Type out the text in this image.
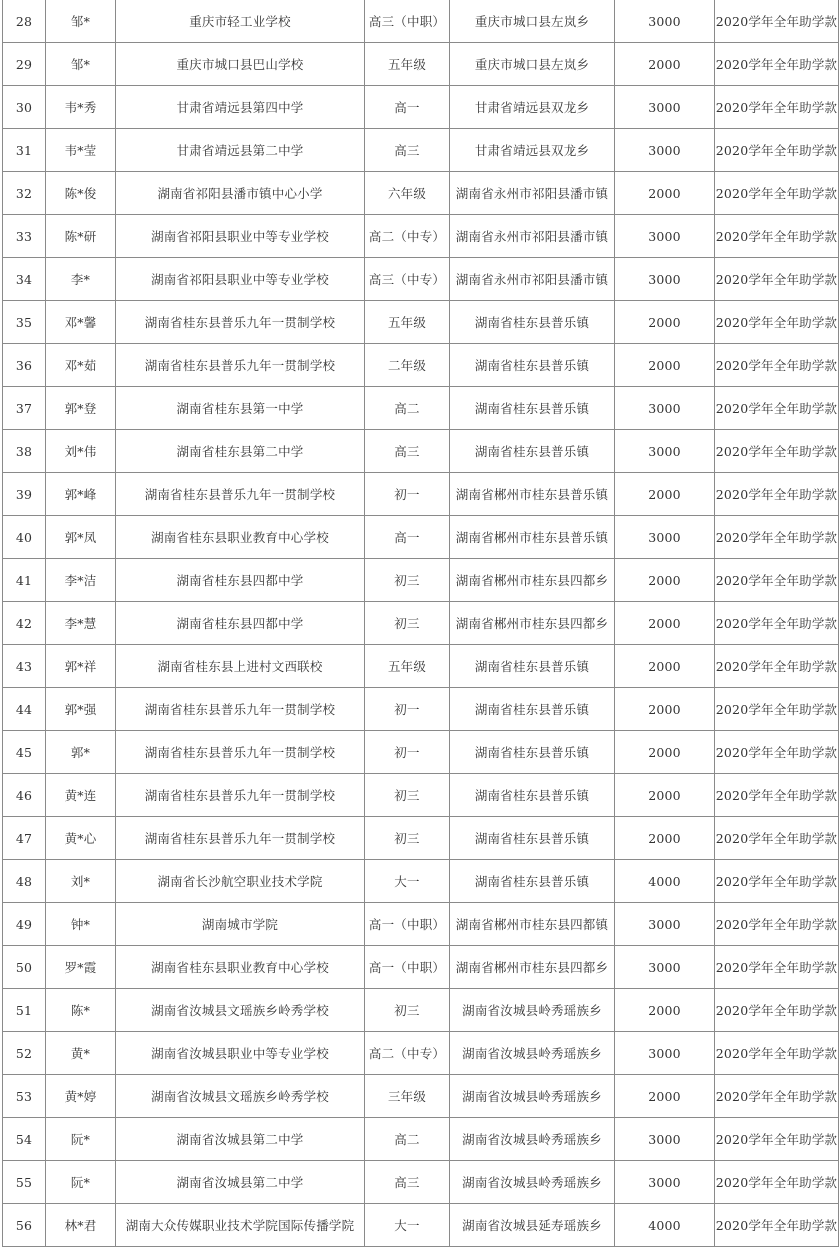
28	邹*	重庆市轻工业学校	高三（中职）	重庆市城口县左岚乡	3000	2020学年全年助学款
29	邹*	重庆市城口县巴山学校	五年级	重庆市城口县左岚乡	2000	2020学年全年助学款
30	韦*秀	甘肃省靖远县第四中学	高一	甘肃省靖远县双龙乡	3000	2020学年全年助学款
31	韦*莹	甘肃省靖远县第二中学	高三	甘肃省靖远县双龙乡	3000	2020学年全年助学款
32	陈*俊	湖南省祁阳县潘市镇中心小学	六年级	湖南省永州市祁阳县潘市镇	2000	2020学年全年助学款
33	陈*研	湖南省祁阳县职业中等专业学校	高二（中专）	湖南省永州市祁阳县潘市镇	3000	2020学年全年助学款
34	李*	湖南省祁阳县职业中等专业学校	高三（中专）	湖南省永州市祁阳县潘市镇	3000	2020学年全年助学款
35	邓*馨	湖南省桂东县普乐九年一贯制学校	五年级	湖南省桂东县普乐镇	2000	2020学年全年助学款
36	邓*茹	湖南省桂东县普乐九年一贯制学校	二年级	湖南省桂东县普乐镇	2000	2020学年全年助学款
37	郭*登	湖南省桂东县第一中学	高二	湖南省桂东县普乐镇	3000	2020学年全年助学款
38	刘*伟	湖南省桂东县第二中学	高三	湖南省桂东县普乐镇	3000	2020学年全年助学款
39	郭*峰	湖南省桂东县普乐九年一贯制学校	初一	湖南省郴州市桂东县普乐镇	2000	2020学年全年助学款
40	郭*凤	湖南省桂东县职业教育中心学校	高一	湖南省郴州市桂东县普乐镇	3000	2020学年全年助学款
41	李*洁	湖南省桂东县四都中学	初三	湖南省郴州市桂东县四都乡	2000	2020学年全年助学款
42	李*慧	湖南省桂东县四都中学	初三	湖南省郴州市桂东县四都乡	2000	2020学年全年助学款
43	郭*祥	湖南省桂东县上进村文西联校	五年级	湖南省桂东县普乐镇	2000	2020学年全年助学款
44	郭*强	湖南省桂东县普乐九年一贯制学校	初一	湖南省桂东县普乐镇	2000	2020学年全年助学款
45	郭*	湖南省桂东县普乐九年一贯制学校	初一	湖南省桂东县普乐镇	2000	2020学年全年助学款
46	黄*连	湖南省桂东县普乐九年一贯制学校	初三	湖南省桂东县普乐镇	2000	2020学年全年助学款
47	黄*心	湖南省桂东县普乐九年一贯制学校	初三	湖南省桂东县普乐镇	2000	2020学年全年助学款
48	刘*	湖南省长沙航空职业技术学院	大一	湖南省桂东县普乐镇	4000	2020学年全年助学款
49	钟*	湖南城市学院	高一（中职）	湖南省郴州市桂东县四都镇	3000	2020学年全年助学款
50	罗*霞	湖南省桂东县职业教育中心学校	高一（中职）	湖南省郴州市桂东县四都乡	3000	2020学年全年助学款
51	陈*	湖南省汝城县文瑶族乡岭秀学校	初三	湖南省汝城县岭秀瑶族乡	2000	2020学年全年助学款
52	黄*	湖南省汝城县职业中等专业学校	高二（中专）	湖南省汝城县岭秀瑶族乡	3000	2020学年全年助学款
53	黄*婷	湖南省汝城县文瑶族乡岭秀学校	三年级	湖南省汝城县岭秀瑶族乡	2000	2020学年全年助学款
54	阮*	湖南省汝城县第二中学	高二	湖南省汝城县岭秀瑶族乡	3000	2020学年全年助学款
55	阮*	湖南省汝城县第二中学	高三	湖南省汝城县岭秀瑶族乡	3000	2020学年全年助学款
56	林*君	湖南大众传媒职业技术学院国际传播学院	大一	湖南省汝城县延寿瑶族乡	4000	2020学年全年助学款
